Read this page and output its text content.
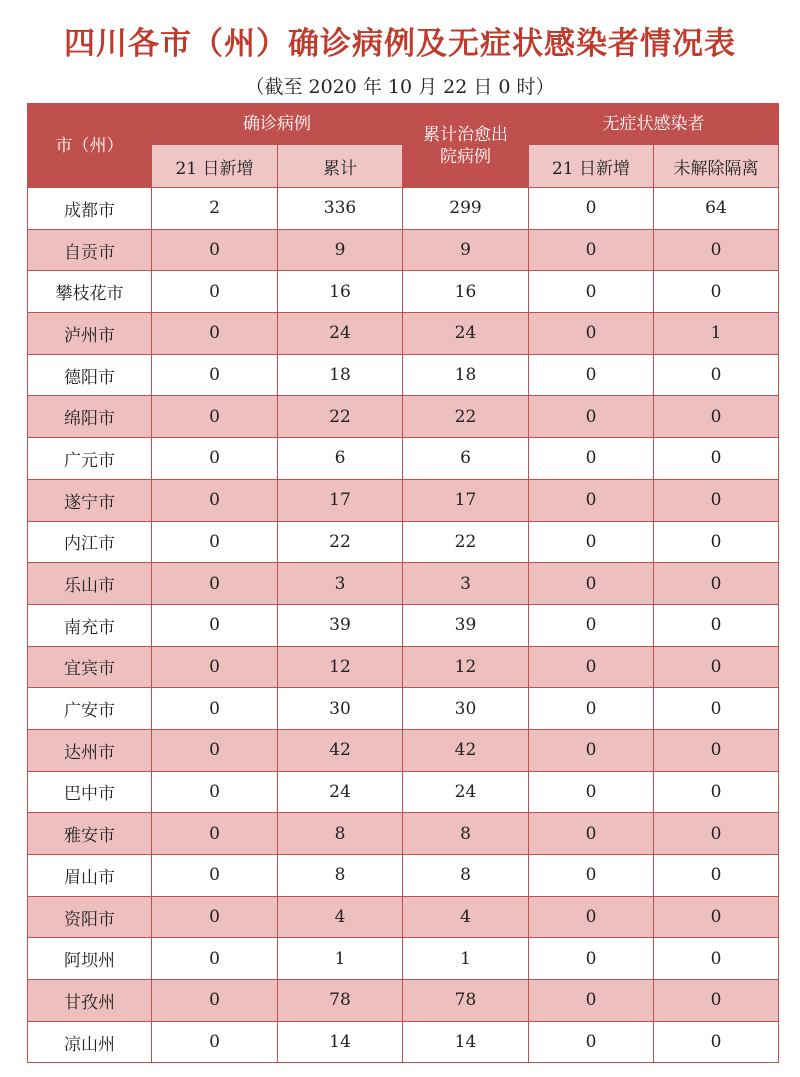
四川各市（州）确诊病例及无症状感染者情况表
（截至 2020 年 10 月 22 日 0 时）
市（州）	确诊病例		累计治愈出院病例	无症状感染者	
	21 日新增	累计		21 日新增	未解除隔离
成都市	2	336	299	0	64
自贡市	0	9	9	0	0
攀枝花市	0	16	16	0	0
泸州市	0	24	24	0	1
德阳市	0	18	18	0	0
绵阳市	0	22	22	0	0
广元市	0	6	6	0	0
遂宁市	0	17	17	0	0
内江市	0	22	22	0	0
乐山市	0	3	3	0	0
南充市	0	39	39	0	0
宜宾市	0	12	12	0	0
广安市	0	30	30	0	0
达州市	0	42	42	0	0
巴中市	0	24	24	0	0
雅安市	0	8	8	0	0
眉山市	0	8	8	0	0
资阳市	0	4	4	0	0
阿坝州	0	1	1	0	0
甘孜州	0	78	78	0	0
凉山州	0	14	14	0	0
